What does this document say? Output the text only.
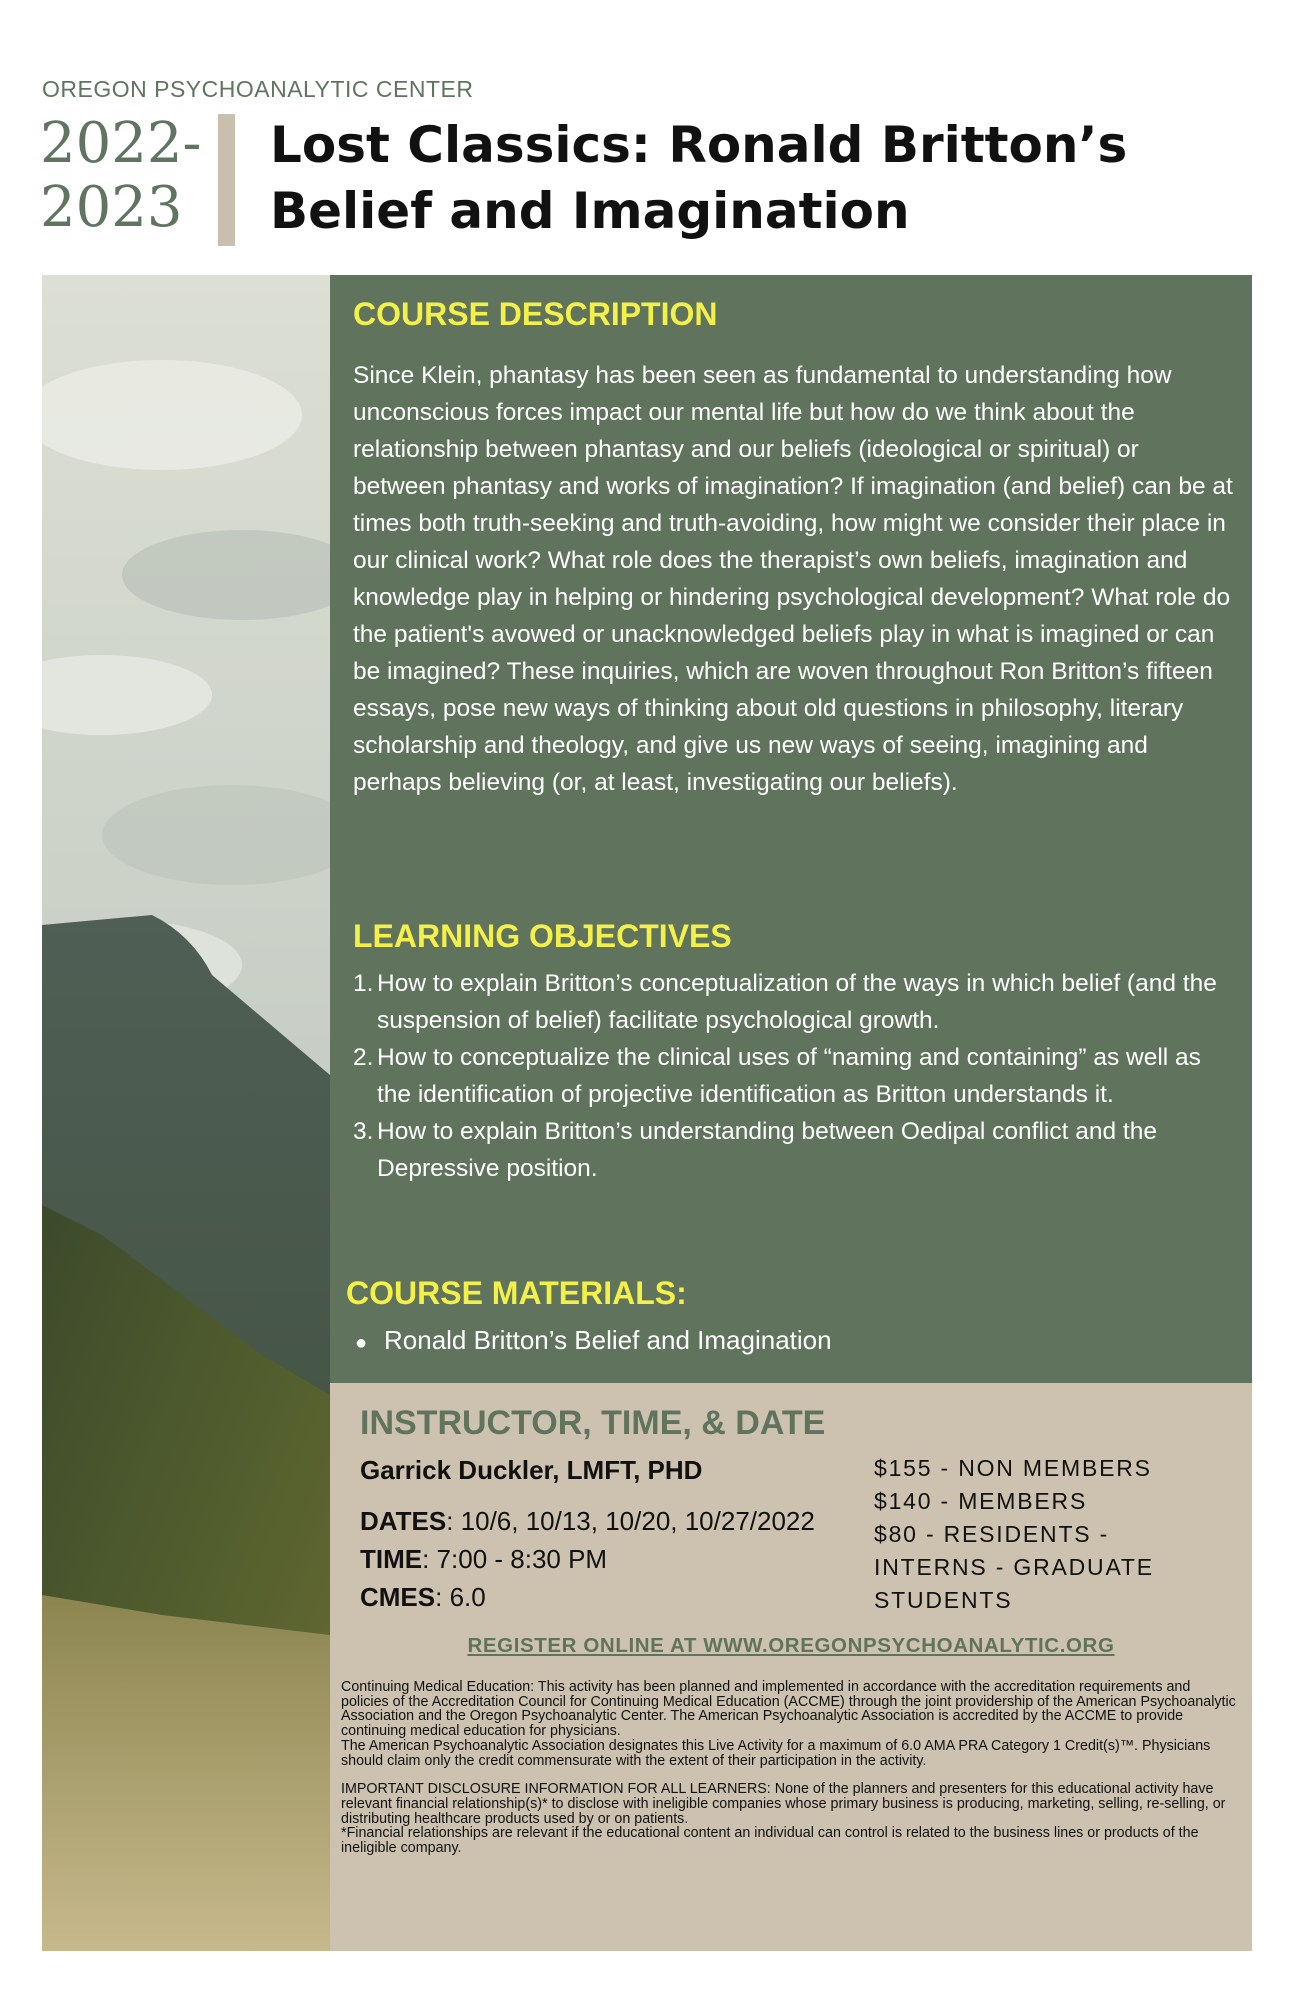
OREGON PSYCHOANALYTIC CENTER
2022-
2023
Lost Classics: Ronald Britton’s Belief and Imagination
COURSE DESCRIPTION

Since Klein, phantasy has been seen as fundamental to understanding how unconscious forces impact our mental life but how do we think about the relationship between phantasy and our beliefs (ideological or spiritual) or between phantasy and works of imagination? If imagination (and belief) can be at times both truth-seeking and truth-avoiding, how might we consider their place in our clinical work? What role does the therapist’s own beliefs, imagination and knowledge play in helping or hindering psychological development? What role do the patient's avowed or unacknowledged beliefs play in what is imagined or can be imagined? These inquiries, which are woven throughout Ron Britton’s fifteen essays, pose new ways of thinking about old questions in philosophy, literary scholarship and theology, and give us new ways of seeing, imagining and perhaps believing (or, at least, investigating our beliefs).

LEARNING OBJECTIVES
1. How to explain Britton’s conceptualization of the ways in which belief (and the suspension of belief) facilitate psychological growth.
2. How to conceptualize the clinical uses of “naming and containing” as well as the identification of projective identification as Britton understands it.
3. How to explain Britton’s understanding between Oedipal conflict and the Depressive position.
COURSE MATERIALS:
● Ronald Britton’s Belief and Imagination
INSTRUCTOR, TIME, & DATE
Garrick Duckler, LMFT, PHD
DATES: 10/6, 10/13, 10/20, 10/27/2022
TIME: 7:00 - 8:30 PM
CMES: 6.0
$155 - NON MEMBERS
$140 - MEMBERS
$80 - RESIDENTS - INTERNS - GRADUATE STUDENTS
REGISTER ONLINE AT WWW.OREGONPSYCHOANALYTIC.ORG

Continuing Medical Education: This activity has been planned and implemented in accordance with the accreditation requirements and policies of the Accreditation Council for Continuing Medical Education (ACCME) through the joint providership of the American Psychoanalytic Association and the Oregon Psychoanalytic Center. The American Psychoanalytic Association is accredited by the ACCME to provide continuing medical education for physicians.
The American Psychoanalytic Association designates this Live Activity for a maximum of 6.0 AMA PRA Category 1 Credit(s)™. Physicians should claim only the credit commensurate with the extent of their participation in the activity.

IMPORTANT DISCLOSURE INFORMATION FOR ALL LEARNERS: None of the planners and presenters for this educational activity have relevant financial relationship(s)* to disclose with ineligible companies whose primary business is producing, marketing, selling, re-selling, or distributing healthcare products used by or on patients.
*Financial relationships are relevant if the educational content an individual can control is related to the business lines or products of the ineligible company.
